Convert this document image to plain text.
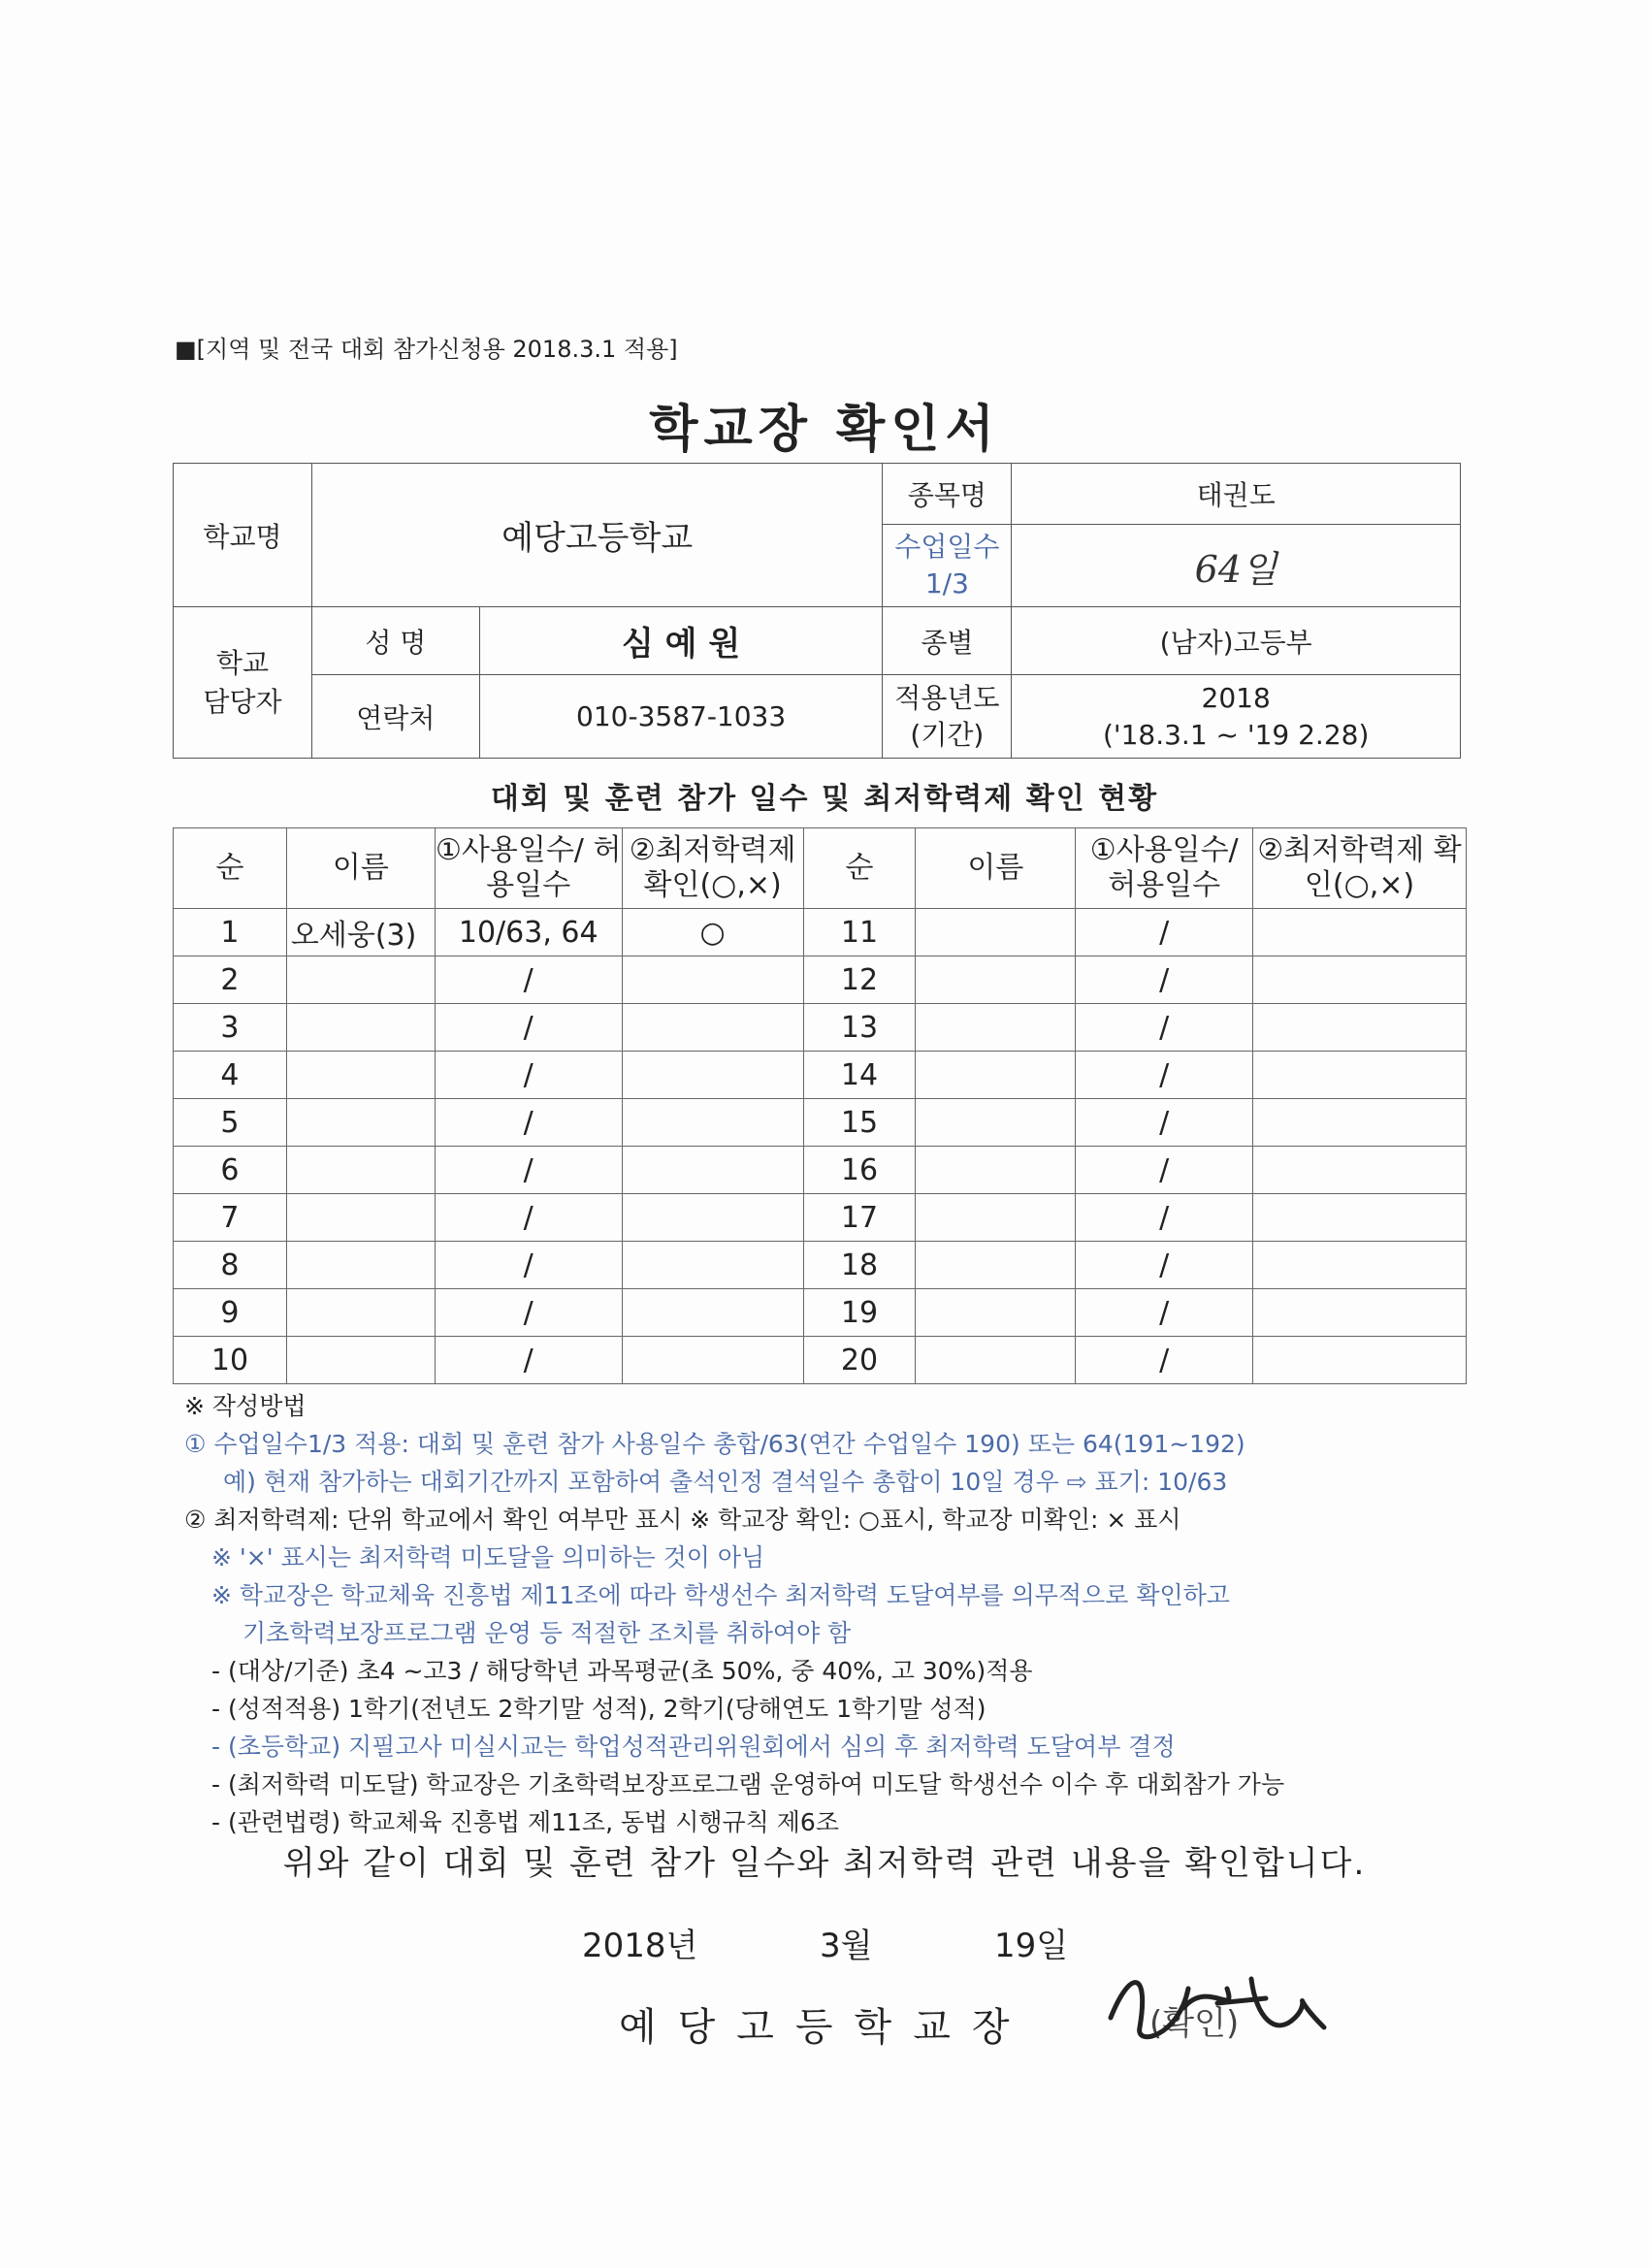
■[지역 및 전국 대회 참가신청용 2018.3.1 적용]
학교장 확인서
학교명	예당고등학교		종목명	태권도
			수업일수 1/3	64일
학교 담당자	성 명	심 예 원	종별	(남자)고등부
	연락처	010-3587-1033	적용년도 (기간)	2018
('18.3.1 ~ '19 2.28)
대회 및 훈련 참가 일수 및 최저학력제 확인 현황
순	이름	①사용일수/ 허용일수	②최저학력제 확인(○,×)	순	이름	①사용일수/ 허용일수	②최저학력제 확인(○,×)
1	오세웅(3)	10/63, 64	○	11		/	
2		/		12		/	
3		/		13		/	
4		/		14		/	
5		/		15		/	
6		/		16		/	
7		/		17		/	
8		/		18		/	
9		/		19		/	
10		/		20		/	
※ 작성방법
① 수업일수1/3 적용: 대회 및 훈련 참가 사용일수 총합/63(연간 수업일수 190) 또는 64(191~192)
예) 현재 참가하는 대회기간까지 포함하여 출석인정 결석일수 총합이 10일 경우 ⇨ 표기: 10/63
② 최저학력제: 단위 학교에서 확인 여부만 표시 ※ 학교장 확인: ○표시, 학교장 미확인: × 표시
※ '×' 표시는 최저학력 미도달을 의미하는 것이 아님
※ 학교장은 학교체육 진흥법 제11조에 따라 학생선수 최저학력 도달여부를 의무적으로 확인하고
기초학력보장프로그램 운영 등 적절한 조치를 취하여야 함
- (대상/기준) 초4 ~고3 / 해당학년 과목평균(초 50%, 중 40%, 고 30%)적용
- (성적적용) 1학기(전년도 2학기말 성적), 2학기(당해연도 1학기말 성적)
- (초등학교) 지필고사 미실시교는 학업성적관리위원회에서 심의 후 최저학력 도달여부 결정
- (최저학력 미도달) 학교장은 기초학력보장프로그램 운영하여 미도달 학생선수 이수 후 대회참가 가능
- (관련법령) 학교체육 진흥법 제11조, 동법 시행규칙 제6조
위와 같이 대회 및 훈련 참가 일수와 최저학력 관련 내용을 확인합니다.
2018년	3월	19일
예당고등학교장	(확인)
